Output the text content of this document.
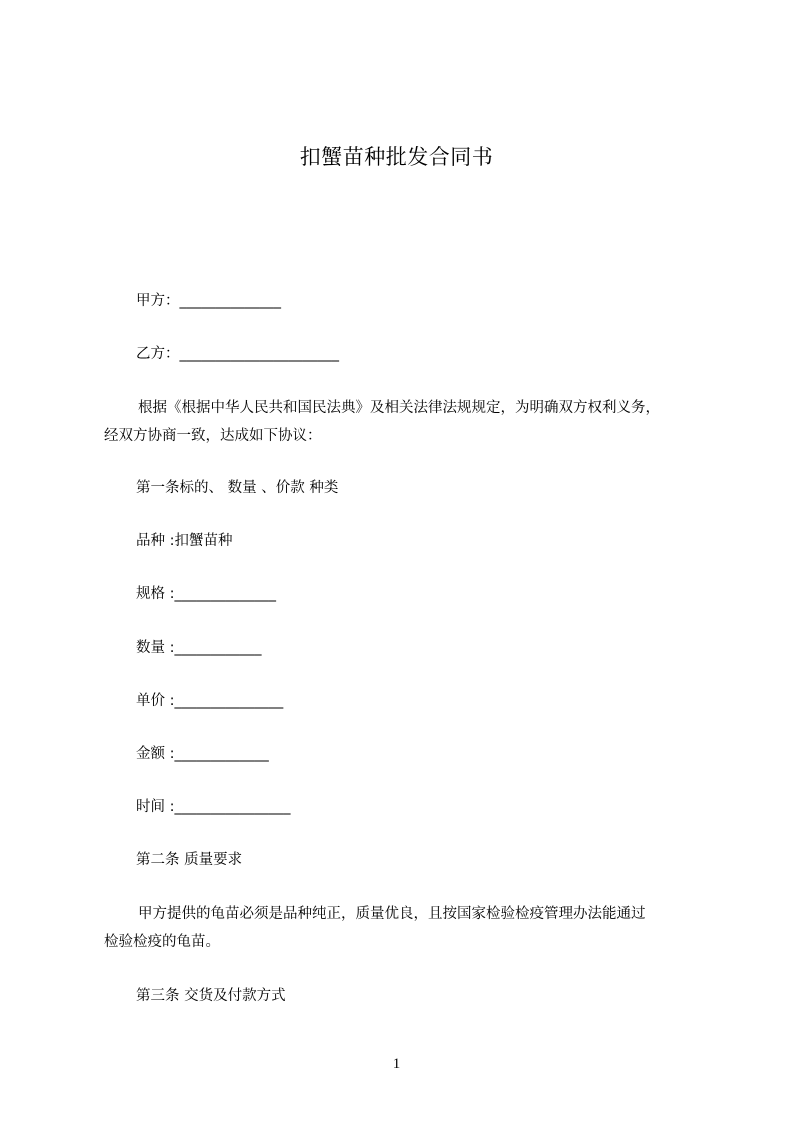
扣蟹苗种批发合同书
甲方：______________
乙方：______________________
根据《根据中华人民共和国民法典》及相关法律法规规定，为明确双方权利义务，
经双方协商一致，达成如下协议：
第一条标的、 数量 、价款 种类
品种 :扣蟹苗种
规格 :______________
数量 :____________
单价 :_______________
金额 :_____________
时间 :________________
第二条 质量要求
甲方提供的龟苗必须是品种纯正，质量优良，且按国家检验检疫管理办法能通过
检验检疫的龟苗。
第三条 交货及付款方式
1
